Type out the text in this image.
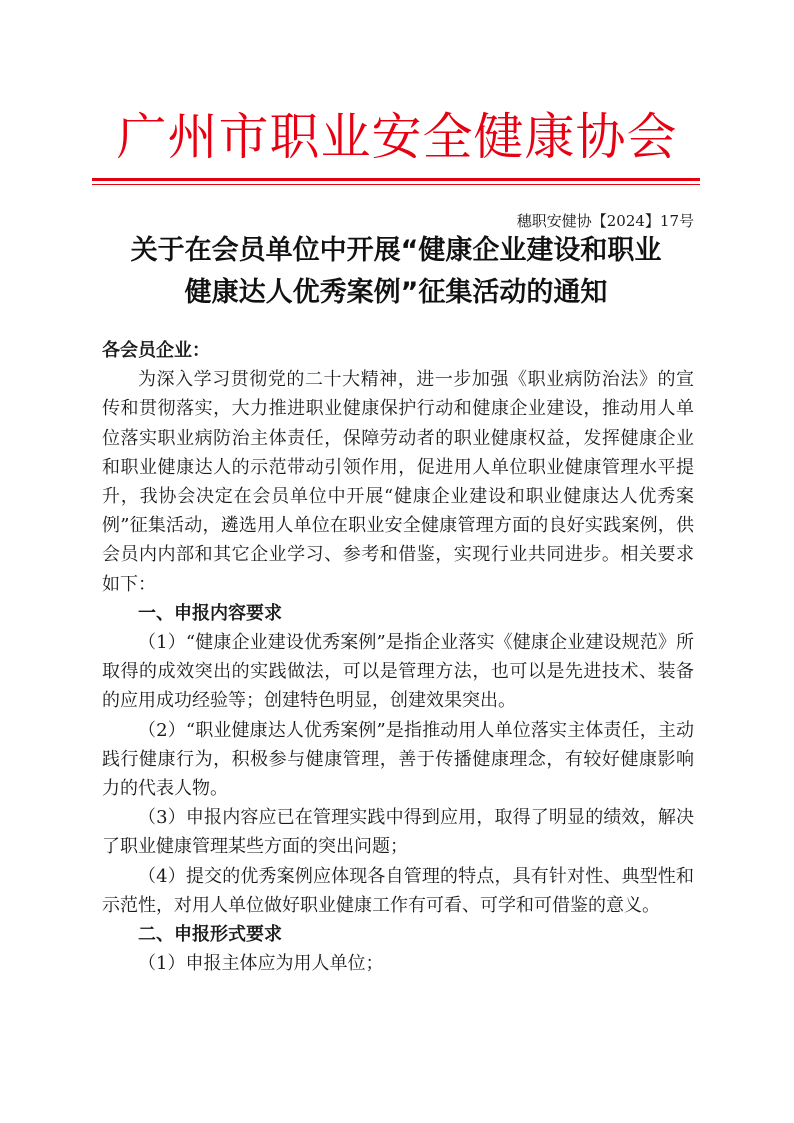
广州市职业安全健康协会
穗职安健协【2024】17号
关于在会员单位中开展“健康企业建设和职业
健康达人优秀案例”征集活动的通知

各会员企业：

为深入学习贯彻党的二十大精神，进一步加强《职业病防治法》的宣传和贯彻落实，大力推进职业健康保护行动和健康企业建设，推动用人单位落实职业病防治主体责任，保障劳动者的职业健康权益，发挥健康企业和职业健康达人的示范带动引领作用，促进用人单位职业健康管理水平提升，我协会决定在会员单位中开展“健康企业建设和职业健康达人优秀案例”征集活动，遴选用人单位在职业安全健康管理方面的良好实践案例，供会员内内部和其它企业学习、参考和借鉴，实现行业共同进步。相关要求如下：

一、申报内容要求

（1）“健康企业建设优秀案例”是指企业落实《健康企业建设规范》所取得的成效突出的实践做法，可以是管理方法，也可以是先进技术、装备的应用成功经验等；创建特色明显，创建效果突出。

（2）“职业健康达人优秀案例”是指推动用人单位落实主体责任，主动践行健康行为，积极参与健康管理，善于传播健康理念，有较好健康影响力的代表人物。

（3）申报内容应已在管理实践中得到应用，取得了明显的绩效，解决了职业健康管理某些方面的突出问题；

（4）提交的优秀案例应体现各自管理的特点，具有针对性、典型性和示范性，对用人单位做好职业健康工作有可看、可学和可借鉴的意义。

二、申报形式要求

（1）申报主体应为用人单位；
